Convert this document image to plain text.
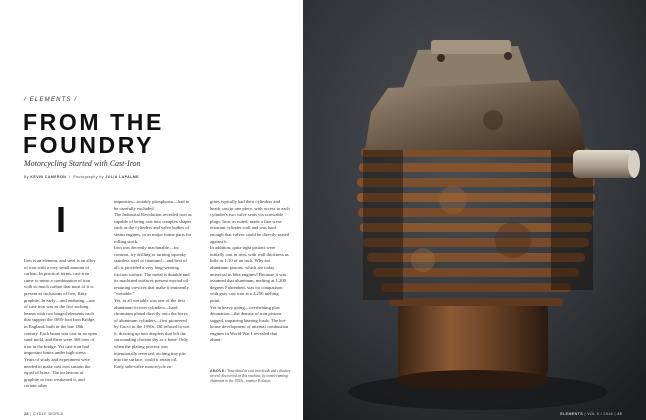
/ ELEMENTS /
FROM THE FOUNDRY
Motorcycling Started with Cast-Iron
By KEVIN CAMERON  /  Photography by JULIA LAPALME
I

Iron is an element, and steel is an alloy of iron with a very small amount of carbon. In practical terms, cast-iron came to mean a combination of iron with so much carbon that most of it is present as inclusions of free, flaky graphite. In early—and enduring—use of cast-iron was as the five arching beams with two hinged elements each that support the 1695-foot Iron Bridge, in England, built in the late 18th century. Each beam was cast in an open sand mold, and there were 368 tons of iron in the bridge. Yet cast-iron had important limits under high stress. Years of study and experiment were needed to make cast iron sustain the equal of brass. The inclusions of graphite or iron weakened it, and certain other

impurities—notably phosphorus—had to be carefully excluded.

The Industrial Revolution revealed iron as capable of being cast into complex shapes such as the cylinders and valve bodies of steam engines, or as major frame parts for rolling stock.

Iron was decently machinable—for contrast, try drilling or turning squeaky stainless steel or titanium!—and best of all, it provided a very long-wearing friction surface. The metal is durable and its machined surfaces present myriad oil-retaining crevices that make it eminently "wettable."

Yet, in all wettable was one of the first aluminum-to-iron cylinders—hard chromium plated directly onto the bores of aluminum cylinders—first pioneered by Gucci in the 1950s. Oil refused to wet it, drawing up into droplets that left the surrounding chrome dry as a bone. Only when the plating process was intentionally reversed, etching tiny pits into the surface, could it retain oil.

Early side-valve motorcycle en-

gines typically had their cylinders and heads cast in one piece, with access to each cylinder's two valve seats via screwable plugs. Iron, as noted, made a fine wear-resistant cylinder wall and was hard enough that valves could be directly seated against it.

In addition, quite tight pistons were initially cast in iron, with wall thickness as little as 1/10 of an inch. Why not aluminum pistons, which are today universal in bike engines? Because it was assumed that aluminum, melting at 1,200 degrees Fahrenheit, was no comparison with gray cast iron at a 2,250 melting point.

Yet in heavy going—overheating plus detonation—the demise of iron pistons sagged, impairing bearing loads. The hot-house development of internal combustion engines in World War I revealed that alumi-

ABOVE: Time-dated in cast iron heads and cylinders weren't discovered on this machine, by comet-running aluminum in the 1950s—number 8 classic.
28 | CYCLE WORLD	ELEMENTS | VOL 5 / 2016 | 29
